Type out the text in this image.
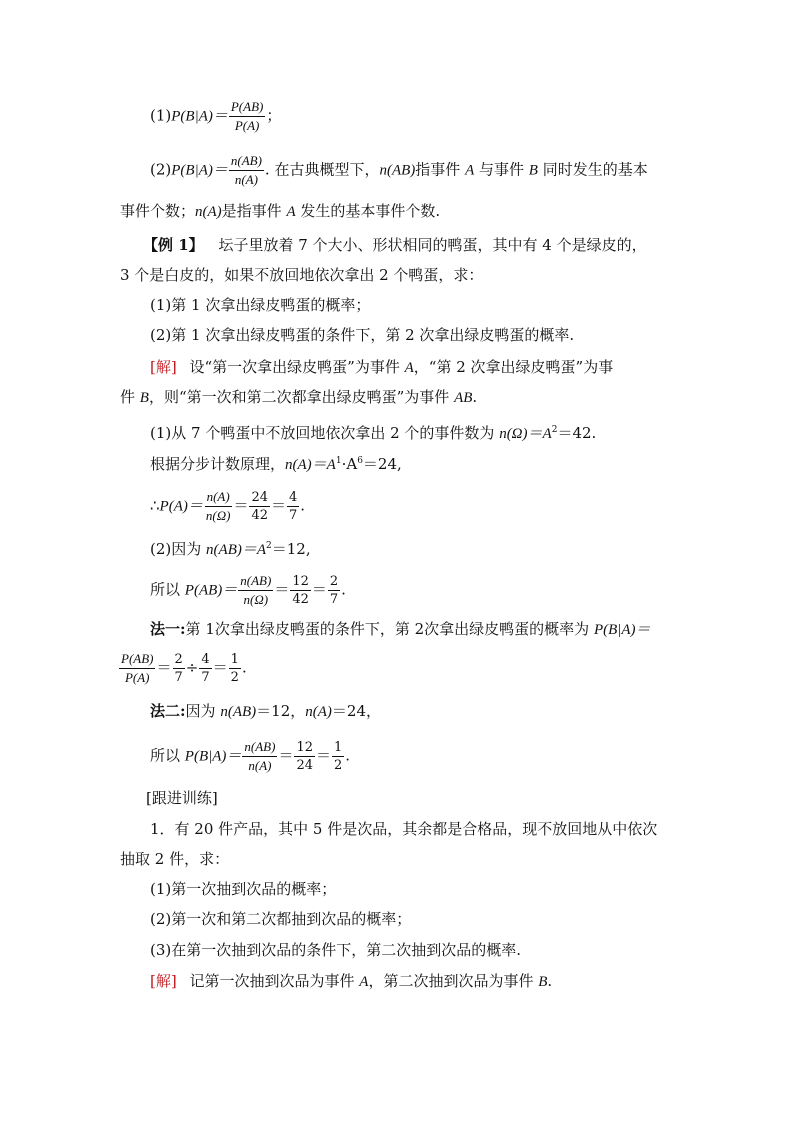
$(1)P(B|A)= \frac{P(AB)}{P(A)}$ ；
$(2)P(B|A)= \frac{n(AB)}{n(A)}$ . 在古典概型下，n(AB)指事件 A 与事件 B 同时发生的基本
事件个数；n(A)是指事件 A 发生的基本事件个数.
【例 1】 坛子里放着 7 个大小、形状相同的鸭蛋，其中有 4 个是绿皮的，
3 个是白皮的，如果不放回地依次拿出 2 个鸭蛋，求：
(1)第 1 次拿出绿皮鸭蛋的概率；
(2)第 1 次拿出绿皮鸭蛋的条件下，第 2 次拿出绿皮鸭蛋的概率.
[解] 设“第一次拿出绿皮鸭蛋”为事件 A，“第 2 次拿出绿皮鸭蛋”为事
件 B，则“第一次和第二次都拿出绿皮鸭蛋”为事件 AB.
(1)从 7 个鸭蛋中不放回地依次拿出 2 个的事件数为 $n(\Omega)=A^2=42$.
根据分步计数原理，$n(A)=A^1\cdot A^6=24$,
∴P(A)＝ $\frac{n(A)}{n(\Omega)} = \frac{24}{42} = \frac{4}{7}$ .
(2)因为 $n(AB)=A^2=12$,
所以 $P(AB)= \frac{n(AB)}{n(\Omega)} = \frac{12}{42} = \frac{2}{7}$ .
法一:第 1次拿出绿皮鸭蛋的条件下，第 2次拿出绿皮鸭蛋的概率为 P(B|A)＝
$\frac{P(AB)}{P(A)} = \frac{2}{7} \div \frac{4}{7} = \frac{1}{2}$ .
法二:因为 n(AB)＝12，n(A)＝24，
所以 $P(B|A)= \frac{n(AB)}{n(A)} = \frac{12}{24} = \frac{1}{2}$ .
[跟进训练]
1．有 20 件产品，其中 5 件是次品，其余都是合格品，现不放回地从中依次
抽取 2 件，求：
(1)第一次抽到次品的概率；
(2)第一次和第二次都抽到次品的概率；
(3)在第一次抽到次品的条件下，第二次抽到次品的概率.
[解] 记第一次抽到次品为事件 A，第二次抽到次品为事件 B.
